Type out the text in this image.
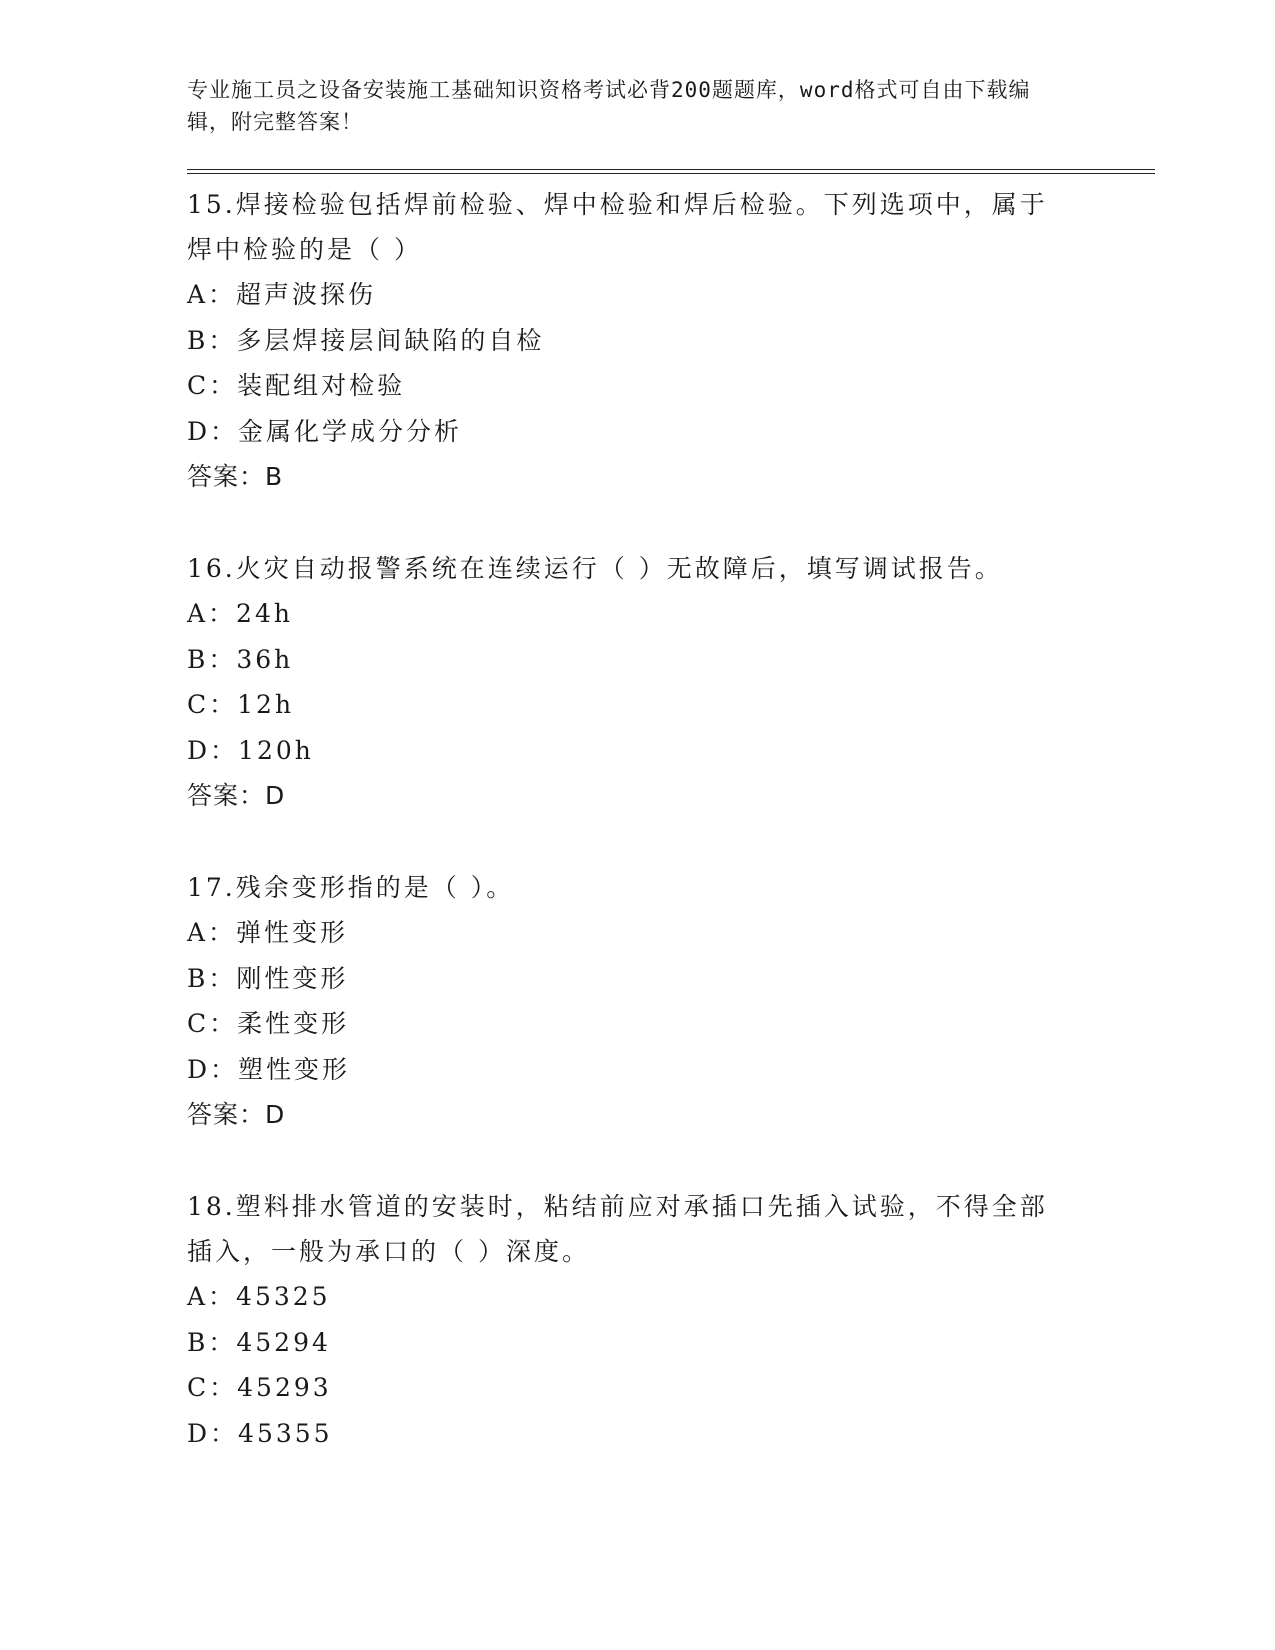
专业施工员之设备安装施工基础知识资格考试必背200题题库，word格式可自由下载编辑，附完整答案！

15.焊接检验包括焊前检验、焊中检验和焊后检验。下列选项中，属于焊中检验的是（ ）

A：超声波探伤

B：多层焊接层间缺陷的自检

C：装配组对检验

D：金属化学成分分析

答案：B

16.火灾自动报警系统在连续运行（ ）无故障后，填写调试报告。

A：24h

B：36h

C：12h

D：120h

答案：D

17.残余变形指的是（ ）。

A：弹性变形

B：刚性变形

C：柔性变形

D：塑性变形

答案：D

18.塑料排水管道的安装时，粘结前应对承插口先插入试验，不得全部插入，一般为承口的（ ）深度。

A：45325

B：45294

C：45293

D：45355
